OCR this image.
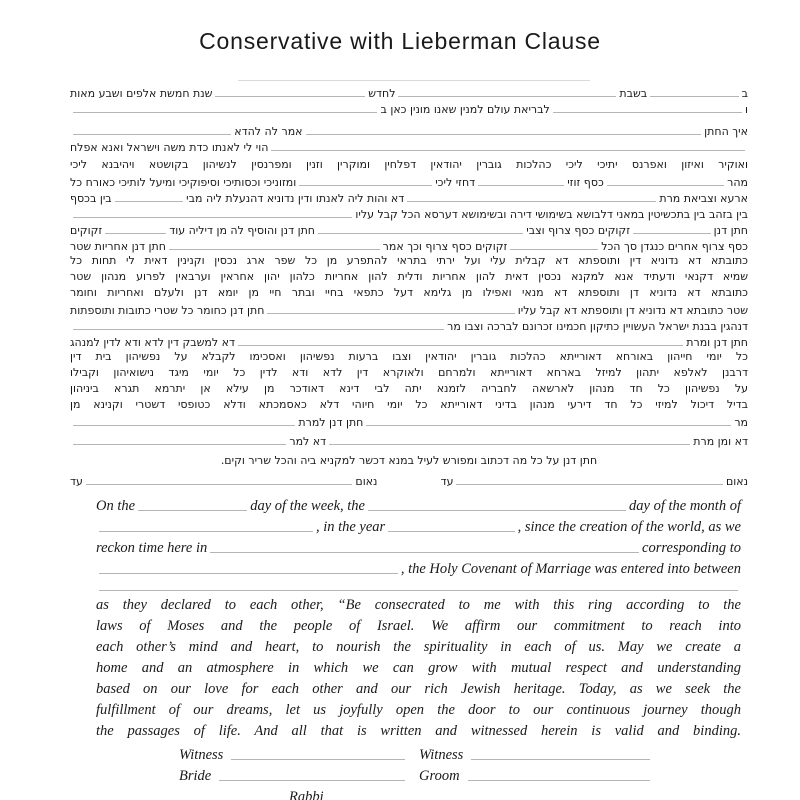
Conservative with Lieberman Clause
ב
בשבת
לחדש
שנת חמשת אלפים ושבע מאות
ו
לבריאת עולם למנין שאנו מונין כאן ב
איך החתן
אמר לה להדא
הוי לי לאנתו כדת משה וישראל ואנא אפלח
ואוקיר ואיזון ואפרנס יתיכי ליכי כהלכות גוברין יהודאין דפלחין ומוקרין וזנין ומפרנסין לנשיהון בקושטא ויהיבנא ליכי
מהר
כסף זוזי
דחזי ליכי
ומזוניכי וכסותיכי וסיפוקיכי ומיעל לותיכי כאורח כל
ארעא וצביאת מרת
דא והות ליה לאנתו ודין נדוניא דהנעלת ליה מבי
בין בכסף
בין בזהב בין בתכשיטין במאני דלבושא בשימושי דירה ובשימושא דערסא הכל קבל עליו
חתן דנן
זקוקים כסף צרוף וצבי
חתן דנן והוסיף לה מן דיליה עוד
זקוקים
כסף צרוף אחרים כנגדן סך הכל
זקוקים כסף צרוף וכך אמר
חתן דנן אחריות שטר
כתובתא דא נדוניא דין ותוספתא דא קבלית עלי ועל ירתי בתראי להתפרע מן כל שפר ארג נכסין וקנינין דאית לי תחות כל
שמיא דקנאי ודעתיד אנא למקנא נכסין דאית להון אחריות ודלית להון אחריות כלהון יהון אחראין וערבאין לפרוע מנהון שטר
כתובתא דא נדוניא דן ותוספתא דא מנאי ואפילו מן גלימא דעל כתפאי בחיי ובתר חיי מן יומא דנן ולעלם ואחריות וחומר
שטר כתובתא דא נדוניא דן ותוספתא דא קבל עליו
חתן דנן כחומר כל שטרי כתובות ותוספתות
דנהגין בבנת ישראל העשויין כתיקון חכמינו זכרונם לברכה וצבו מר
חתן דנן ומרת
דא למשבק דין לדא ודא לדין למנהג
כל יומי חייהון באורחא דאורייתא כהלכות גוברין יהודאין וצבו ברעות נפשיהון ואסכימו לקבלא על נפשיהון בית דין
דרבנן לאלפא יתהון למיזל בארחא דאורייתא ולמרחם ולאוקרא דין לדא ודא לדין כל יומי מיגד נישואיהון וקבילו
על נפשיהון כל חד מנהון לארשאה לחבריה לזמנא יתה לבי דינא דאודכר מן עילא אן יתרמא תגרא ביניהון
בדיל דיכול למיזי כל חד דירעי מנהון בדיני דאורייתא כל יומי חיוהי דלא כאסמכתא ודלא כטופסי דשטרי וקנינא מן
מר
חתן דנן למרת
דא ומן מרת
דא למר
חתן דנן על כל מה דכתוב ומפורש לעיל במנא דכשר למקניא ביה והכל שריר וקים.
נאום
עד
נאום
עד
On the	day of the week, the	day of the month of
, in the year	, since the creation of the world, as we
reckon time here in	corresponding to
, the Holy Covenant of Marriage was entered into between
as they declared to each other, “Be consecrated to me with this ring according to the
laws of Moses and the people of Israel. We affirm our commitment to reach into
each other’s mind and heart, to nourish the spirituality in each of us. May we create a
home and an atmosphere in which we can grow with mutual respect and understanding
based on our love for each other and our rich Jewish heritage. Today, as we seek the
fulfillment of our dreams, let us joyfully open the door to our continuous journey though
the passages of life. And all that is written and witnessed herein is valid and binding.
Witness	Witness
Bride	Groom
Rabbi
